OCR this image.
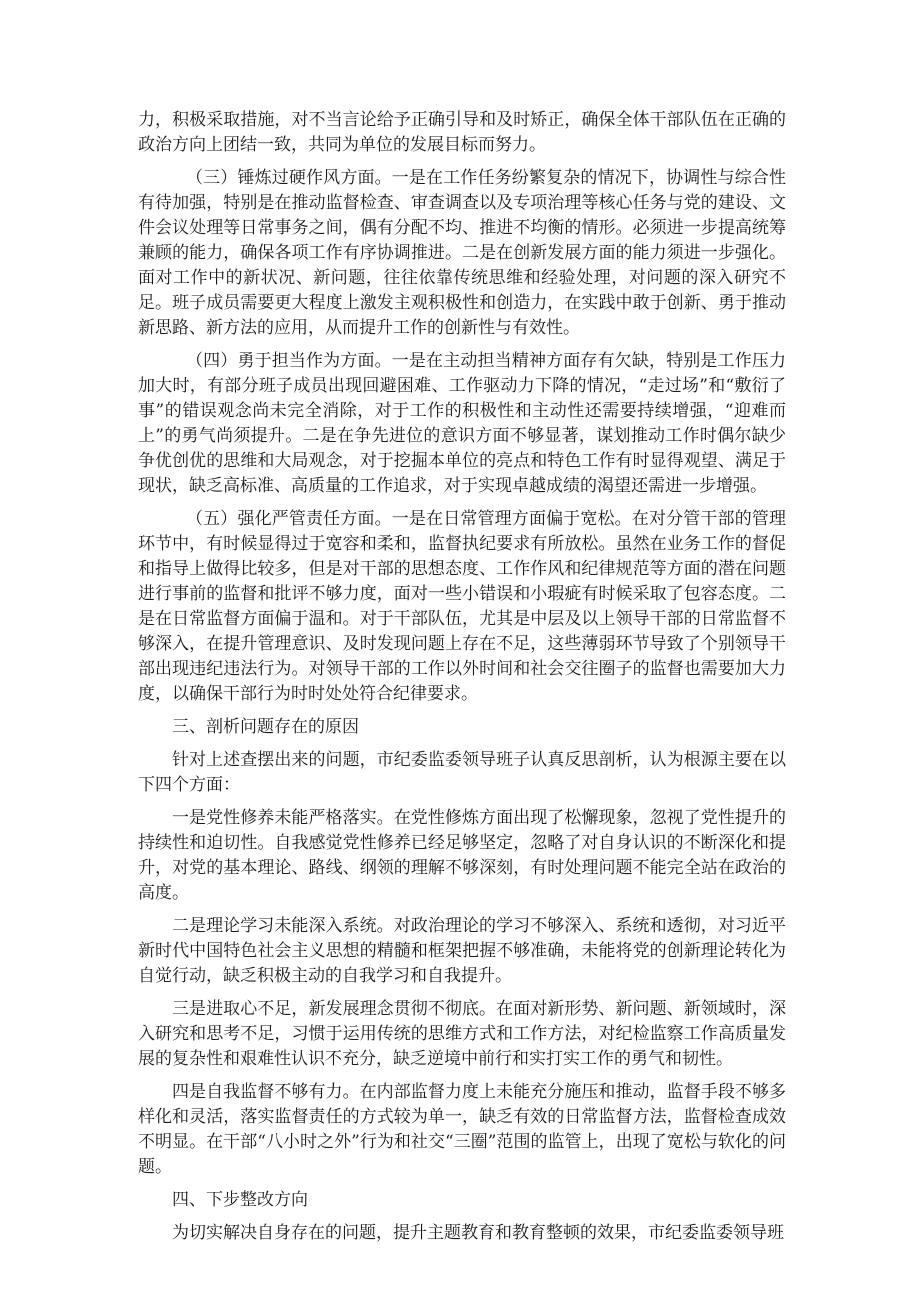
力，积极采取措施，对不当言论给予正确引导和及时矫正，确保全体干部队伍在正确的政治方向上团结一致，共同为单位的发展目标而努力。

（三）锤炼过硬作风方面。一是在工作任务纷繁复杂的情况下，协调性与综合性有待加强，特别是在推动监督检查、审查调查以及专项治理等核心任务与党的建设、文件会议处理等日常事务之间，偶有分配不均、推进不均衡的情形。必须进一步提高统筹兼顾的能力，确保各项工作有序协调推进。二是在创新发展方面的能力须进一步强化。面对工作中的新状况、新问题，往往依靠传统思维和经验处理，对问题的深入研究不足。班子成员需要更大程度上激发主观积极性和创造力，在实践中敢于创新、勇于推动新思路、新方法的应用，从而提升工作的创新性与有效性。

（四）勇于担当作为方面。一是在主动担当精神方面存有欠缺，特别是工作压力加大时，有部分班子成员出现回避困难、工作驱动力下降的情况，“走过场”和“敷衍了事”的错误观念尚未完全消除，对于工作的积极性和主动性还需要持续增强，“迎难而上”的勇气尚须提升。二是在争先进位的意识方面不够显著，谋划推动工作时偶尔缺少争优创优的思维和大局观念，对于挖掘本单位的亮点和特色工作有时显得观望、满足于现状，缺乏高标准、高质量的工作追求，对于实现卓越成绩的渴望还需进一步增强。

（五）强化严管责任方面。一是在日常管理方面偏于宽松。在对分管干部的管理环节中，有时候显得过于宽容和柔和，监督执纪要求有所放松。虽然在业务工作的督促和指导上做得比较多，但是对干部的思想态度、工作作风和纪律规范等方面的潜在问题进行事前的监督和批评不够力度，面对一些小错误和小瑕疵有时候采取了包容态度。二是在日常监督方面偏于温和。对于干部队伍，尤其是中层及以上领导干部的日常监督不够深入，在提升管理意识、及时发现问题上存在不足，这些薄弱环节导致了个别领导干部出现违纪违法行为。对领导干部的工作以外时间和社会交往圈子的监督也需要加大力度，以确保干部行为时时处处符合纪律要求。

三、剖析问题存在的原因

针对上述查摆出来的问题，市纪委监委领导班子认真反思剖析，认为根源主要在以下四个方面：

一是党性修养未能严格落实。在党性修炼方面出现了松懈现象，忽视了党性提升的持续性和迫切性。自我感觉党性修养已经足够坚定，忽略了对自身认识的不断深化和提升，对党的基本理论、路线、纲领的理解不够深刻，有时处理问题不能完全站在政治的高度。

二是理论学习未能深入系统。对政治理论的学习不够深入、系统和透彻，对习近平新时代中国特色社会主义思想的精髓和框架把握不够准确，未能将党的创新理论转化为自觉行动，缺乏积极主动的自我学习和自我提升。

三是进取心不足，新发展理念贯彻不彻底。在面对新形势、新问题、新领域时，深入研究和思考不足，习惯于运用传统的思维方式和工作方法，对纪检监察工作高质量发展的复杂性和艰难性认识不充分，缺乏逆境中前行和实打实工作的勇气和韧性。

四是自我监督不够有力。在内部监督力度上未能充分施压和推动，监督手段不够多样化和灵活，落实监督责任的方式较为单一，缺乏有效的日常监督方法，监督检查成效不明显。在干部“八小时之外”行为和社交“三圈”范围的监管上，出现了宽松与软化的问题。

四、下步整改方向

为切实解决自身存在的问题，提升主题教育和教育整顿的效果，市纪委监委领导班
